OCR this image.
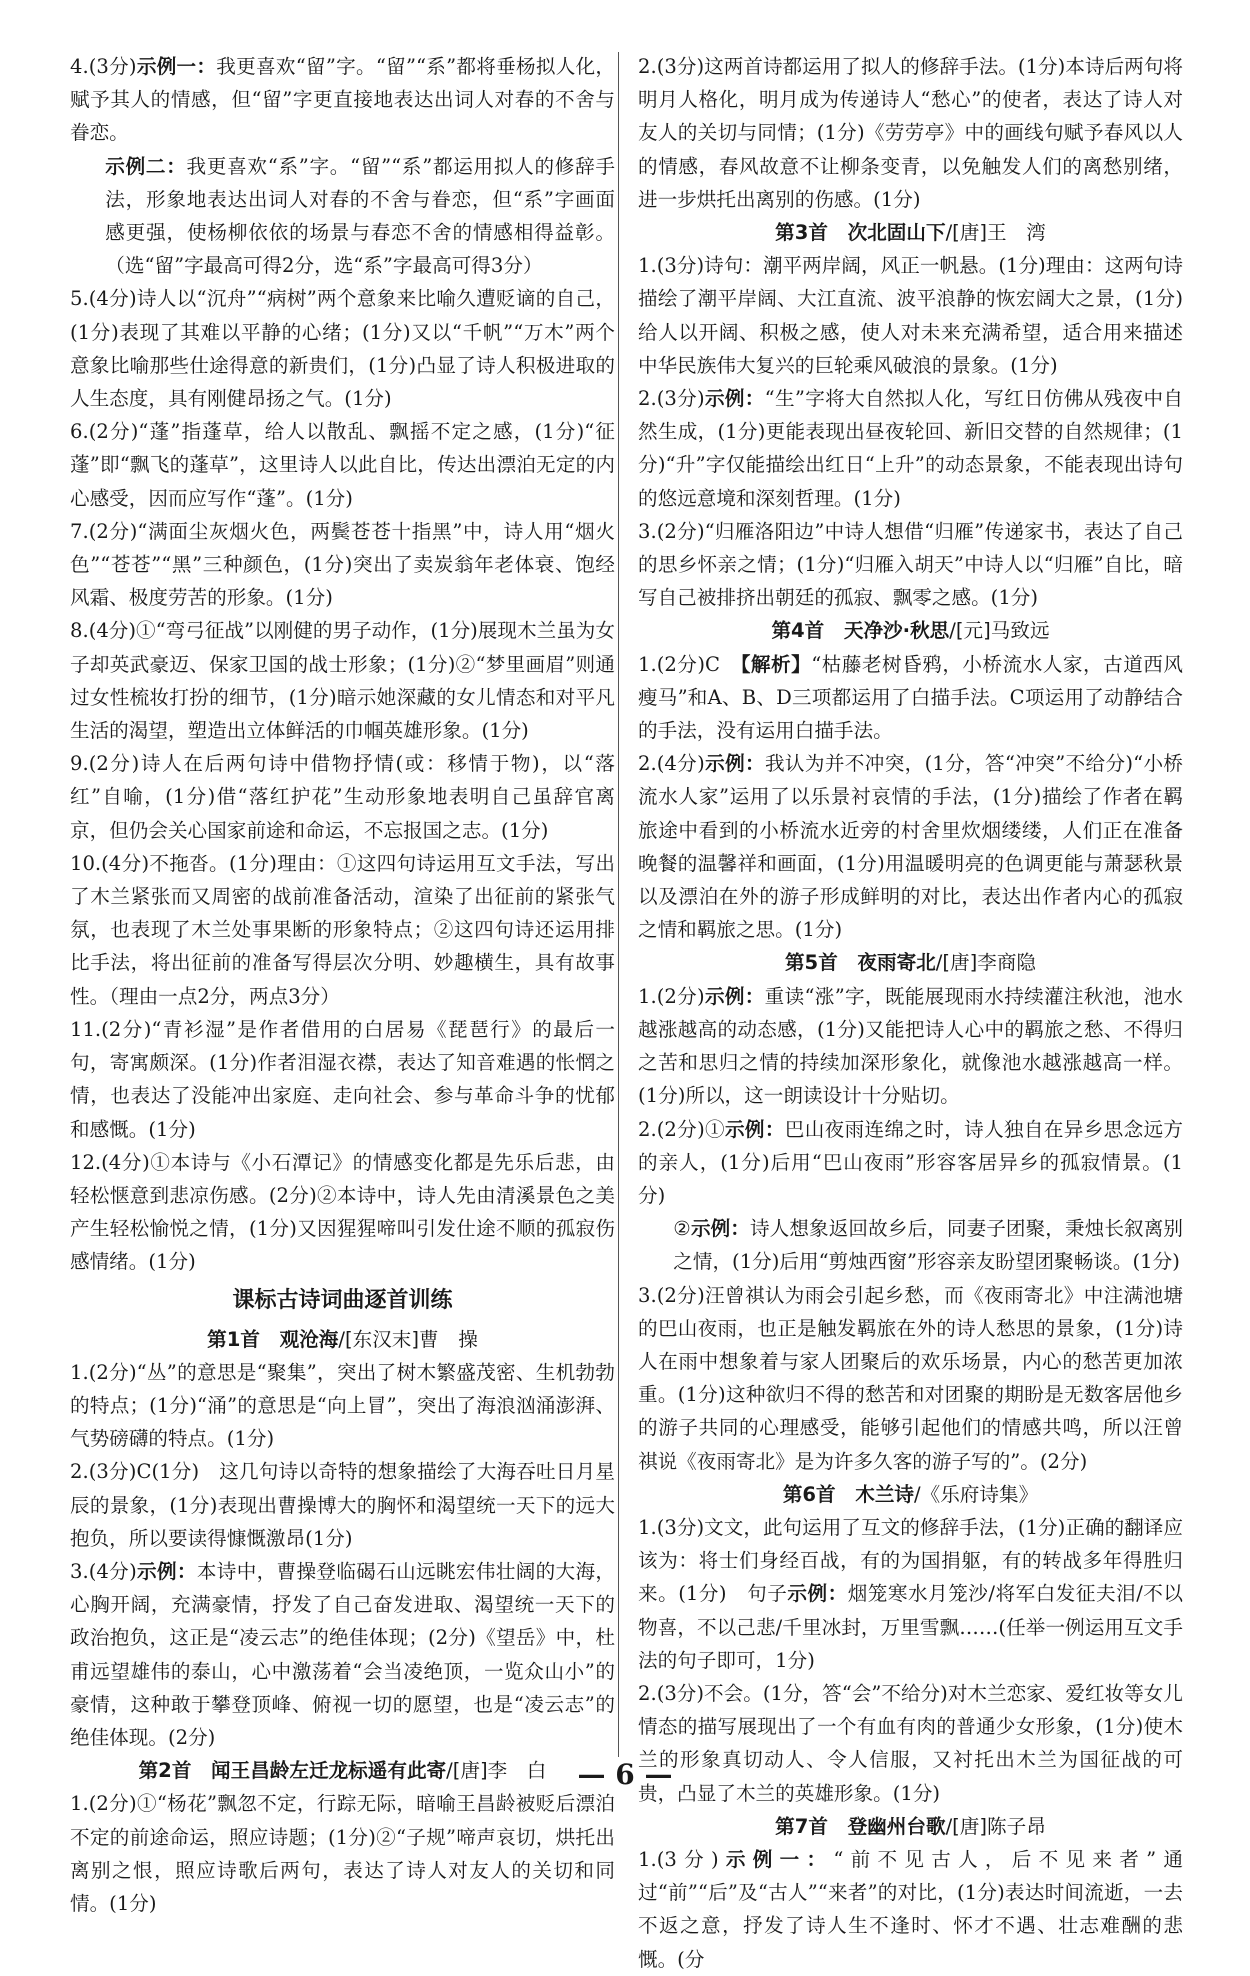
4.(3分)示例一：我更喜欢“留”字。“留”“系”都将垂杨拟人化，赋予其人的情感，但“留”字更直接地表达出词人对春的不舍与眷恋。

示例二：我更喜欢“系”字。“留”“系”都运用拟人的修辞手法，形象地表达出词人对春的不舍与眷恋，但“系”字画面感更强，使杨柳依依的场景与春恋不舍的情感相得益彰。（选“留”字最高可得2分，选“系”字最高可得3分）

5.(4分)诗人以“沉舟”“病树”两个意象来比喻久遭贬谪的自己，(1分)表现了其难以平静的心绪；(1分)又以“千帆”“万木”两个意象比喻那些仕途得意的新贵们，(1分)凸显了诗人积极进取的人生态度，具有刚健昂扬之气。(1分)

6.(2分)“蓬”指蓬草，给人以散乱、飘摇不定之感，(1分)“征蓬”即“飘飞的蓬草”，这里诗人以此自比，传达出漂泊无定的内心感受，因而应写作“蓬”。(1分)

7.(2分)“满面尘灰烟火色，两鬓苍苍十指黑”中，诗人用“烟火色”“苍苍”“黑”三种颜色，(1分)突出了卖炭翁年老体衰、饱经风霜、极度劳苦的形象。(1分)

8.(4分)①“弯弓征战”以刚健的男子动作，(1分)展现木兰虽为女子却英武豪迈、保家卫国的战士形象；(1分)②“梦里画眉”则通过女性梳妆打扮的细节，(1分)暗示她深藏的女儿情态和对平凡生活的渴望，塑造出立体鲜活的巾帼英雄形象。(1分)

9.(2分)诗人在后两句诗中借物抒情(或：移情于物)，以“落红”自喻，(1分)借“落红护花”生动形象地表明自己虽辞官离京，但仍会关心国家前途和命运，不忘报国之志。(1分)

10.(4分)不拖沓。(1分)理由：①这四句诗运用互文手法，写出了木兰紧张而又周密的战前准备活动，渲染了出征前的紧张气氛，也表现了木兰处事果断的形象特点；②这四句诗还运用排比手法，将出征前的准备写得层次分明、妙趣横生，具有故事性。（理由一点2分，两点3分）

11.(2分)“青衫湿”是作者借用的白居易《琵琶行》的最后一句，寄寓颇深。(1分)作者泪湿衣襟，表达了知音难遇的怅惘之情，也表达了没能冲出家庭、走向社会、参与革命斗争的忧郁和感慨。(1分)

12.(4分)①本诗与《小石潭记》的情感变化都是先乐后悲，由轻松惬意到悲凉伤感。(2分)②本诗中，诗人先由清溪景色之美产生轻松愉悦之情，(1分)又因猩猩啼叫引发仕途不顺的孤寂伤感情绪。(1分)

课标古诗词曲逐首训练

第1首　观沧海/[东汉末]曹　操

1.(2分)“丛”的意思是“聚集”，突出了树木繁盛茂密、生机勃勃的特点；(1分)“涌”的意思是“向上冒”，突出了海浪汹涌澎湃、气势磅礴的特点。(1分)

2.(3分)C(1分)　这几句诗以奇特的想象描绘了大海吞吐日月星辰的景象，(1分)表现出曹操博大的胸怀和渴望统一天下的远大抱负，所以要读得慷慨激昂(1分)

3.(4分)示例：本诗中，曹操登临碣石山远眺宏伟壮阔的大海，心胸开阔，充满豪情，抒发了自己奋发进取、渴望统一天下的政治抱负，这正是“凌云志”的绝佳体现；(2分)《望岳》中，杜甫远望雄伟的泰山，心中激荡着“会当凌绝顶，一览众山小”的豪情，这种敢于攀登顶峰、俯视一切的愿望，也是“凌云志”的绝佳体现。(2分)

第2首　闻王昌龄左迁龙标遥有此寄/[唐]李　白

1.(2分)①“杨花”飘忽不定，行踪无际，暗喻王昌龄被贬后漂泊不定的前途命运，照应诗题；(1分)②“子规”啼声哀切，烘托出离别之恨，照应诗歌后两句，表达了诗人对友人的关切和同情。(1分)

2.(3分)这两首诗都运用了拟人的修辞手法。(1分)本诗后两句将明月人格化，明月成为传递诗人“愁心”的使者，表达了诗人对友人的关切与同情；(1分)《劳劳亭》中的画线句赋予春风以人的情感，春风故意不让柳条变青，以免触发人们的离愁别绪，进一步烘托出离别的伤感。(1分)

第3首　次北固山下/[唐]王　湾

1.(3分)诗句：潮平两岸阔，风正一帆悬。(1分)理由：这两句诗描绘了潮平岸阔、大江直流、波平浪静的恢宏阔大之景，(1分)给人以开阔、积极之感，使人对未来充满希望，适合用来描述中华民族伟大复兴的巨轮乘风破浪的景象。(1分)

2.(3分)示例：“生”字将大自然拟人化，写红日仿佛从残夜中自然生成，(1分)更能表现出昼夜轮回、新旧交替的自然规律；(1分)“升”字仅能描绘出红日“上升”的动态景象，不能表现出诗句的悠远意境和深刻哲理。(1分)

3.(2分)“归雁洛阳边”中诗人想借“归雁”传递家书，表达了自己的思乡怀亲之情；(1分)“归雁入胡天”中诗人以“归雁”自比，暗写自己被排挤出朝廷的孤寂、飘零之感。(1分)

第4首　天净沙·秋思/[元]马致远

1.(2分)C　【解析】“枯藤老树昏鸦，小桥流水人家，古道西风瘦马”和A、B、D三项都运用了白描手法。C项运用了动静结合的手法，没有运用白描手法。

2.(4分)示例：我认为并不冲突，(1分，答“冲突”不给分)“小桥流水人家”运用了以乐景衬哀情的手法，(1分)描绘了作者在羁旅途中看到的小桥流水近旁的村舍里炊烟缕缕，人们正在准备晚餐的温馨祥和画面，(1分)用温暖明亮的色调更能与萧瑟秋景以及漂泊在外的游子形成鲜明的对比，表达出作者内心的孤寂之情和羁旅之思。(1分)

第5首　夜雨寄北/[唐]李商隐

1.(2分)示例：重读“涨”字，既能展现雨水持续灌注秋池，池水越涨越高的动态感，(1分)又能把诗人心中的羁旅之愁、不得归之苦和思归之情的持续加深形象化，就像池水越涨越高一样。(1分)所以，这一朗读设计十分贴切。

2.(2分)①示例：巴山夜雨连绵之时，诗人独自在异乡思念远方的亲人，(1分)后用“巴山夜雨”形容客居异乡的孤寂情景。(1分)

②示例：诗人想象返回故乡后，同妻子团聚，秉烛长叙离别之情，(1分)后用“剪烛西窗”形容亲友盼望团聚畅谈。(1分)

3.(2分)汪曾祺认为雨会引起乡愁，而《夜雨寄北》中注满池塘的巴山夜雨，也正是触发羁旅在外的诗人愁思的景象，(1分)诗人在雨中想象着与家人团聚后的欢乐场景，内心的愁苦更加浓重。(1分)这种欲归不得的愁苦和对团聚的期盼是无数客居他乡的游子共同的心理感受，能够引起他们的情感共鸣，所以汪曾祺说《夜雨寄北》是为许多久客的游子写的”。(2分)

第6首　木兰诗/《乐府诗集》

1.(3分)文文，此句运用了互文的修辞手法，(1分)正确的翻译应该为：将士们身经百战，有的为国捐躯，有的转战多年得胜归来。(1分)　句子示例：烟笼寒水月笼沙/将军白发征夫泪/不以物喜，不以己悲/千里冰封，万里雪飘……(任举一例运用互文手法的句子即可，1分)

2.(3分)不会。(1分，答“会”不给分)对木兰恋家、爱红妆等女儿情态的描写展现出了一个有血有肉的普通少女形象，(1分)使木兰的形象真切动人、令人信服，又衬托出木兰为国征战的可贵，凸显了木兰的英雄形象。(1分)

第7首　登幽州台歌/[唐]陈子昂

1.(3分)示例一：“前不见古人，后不见来者”通过“前”“后”及“古人”“来者”的对比，(1分)表达时间流逝，一去不返之意，抒发了诗人生不逢时、怀才不遇、壮志难酬的悲慨。(分

— 6 —
